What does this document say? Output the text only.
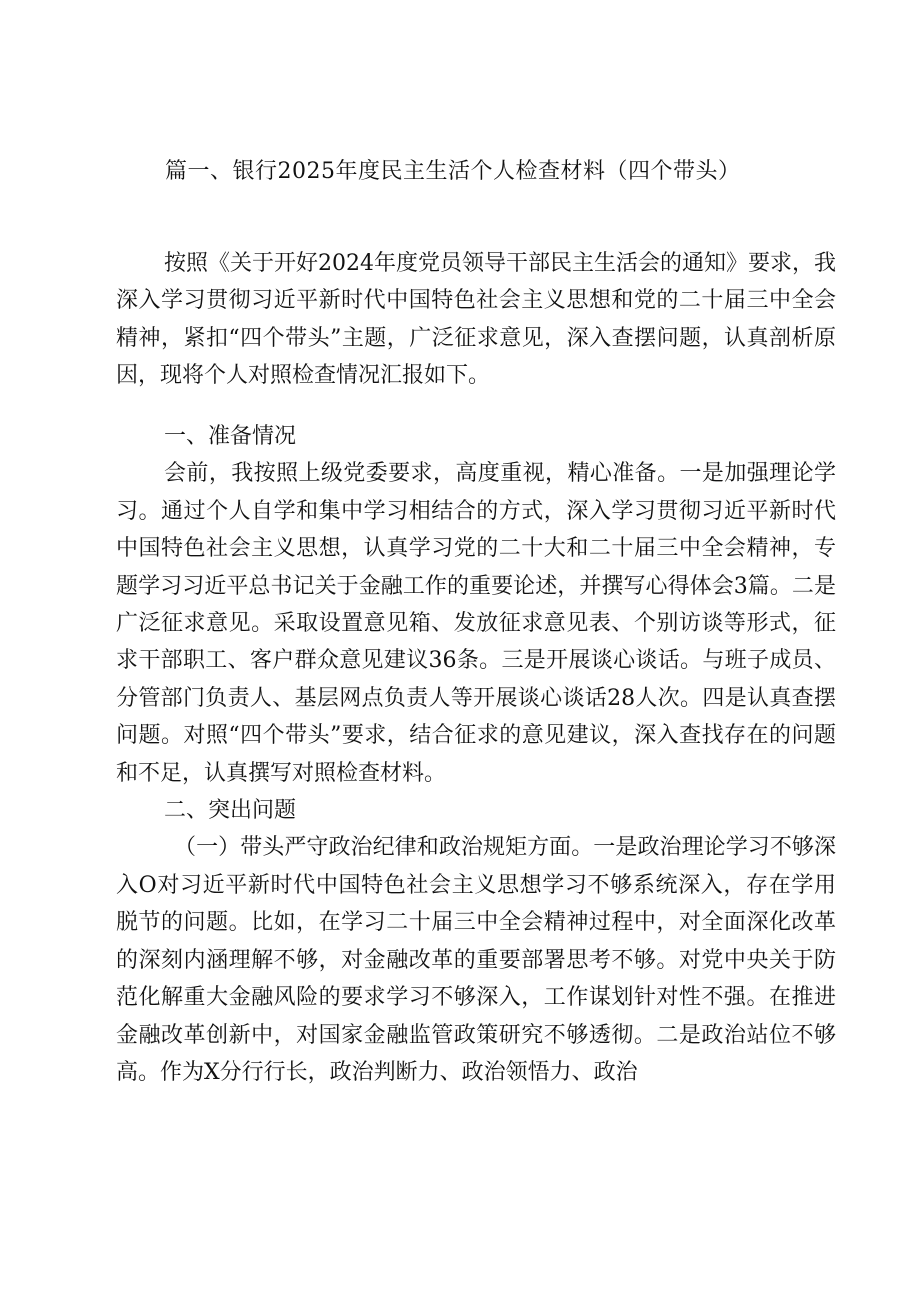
篇一、银行2025年度民主生活个人检查材料（四个带头）

按照《关于开好2024年度党员领导干部民主生活会的通知》要求，我深入学习贯彻习近平新时代中国特色社会主义思想和党的二十届三中全会精神，紧扣“四个带头”主题，广泛征求意见，深入查摆问题，认真剖析原因，现将个人对照检查情况汇报如下。

一、准备情况

会前，我按照上级党委要求，高度重视，精心准备。一是加强理论学习。通过个人自学和集中学习相结合的方式，深入学习贯彻习近平新时代中国特色社会主义思想，认真学习党的二十大和二十届三中全会精神，专题学习习近平总书记关于金融工作的重要论述，并撰写心得体会3篇。二是广泛征求意见。采取设置意见箱、发放征求意见表、个别访谈等形式，征求干部职工、客户群众意见建议36条。三是开展谈心谈话。与班子成员、分管部门负责人、基层网点负责人等开展谈心谈话28人次。四是认真查摆问题。对照“四个带头”要求，结合征求的意见建议，深入查找存在的问题和不足，认真撰写对照检查材料。

二、突出问题

（一）带头严守政治纪律和政治规矩方面。一是政治理论学习不够深入O对习近平新时代中国特色社会主义思想学习不够系统深入，存在学用脱节的问题。比如，在学习二十届三中全会精神过程中，对全面深化改革的深刻内涵理解不够，对金融改革的重要部署思考不够。对党中央关于防范化解重大金融风险的要求学习不够深入，工作谋划针对性不强。在推进金融改革创新中，对国家金融监管政策研究不够透彻。二是政治站位不够高。作为X分行行长，政治判断力、政治领悟力、政治
